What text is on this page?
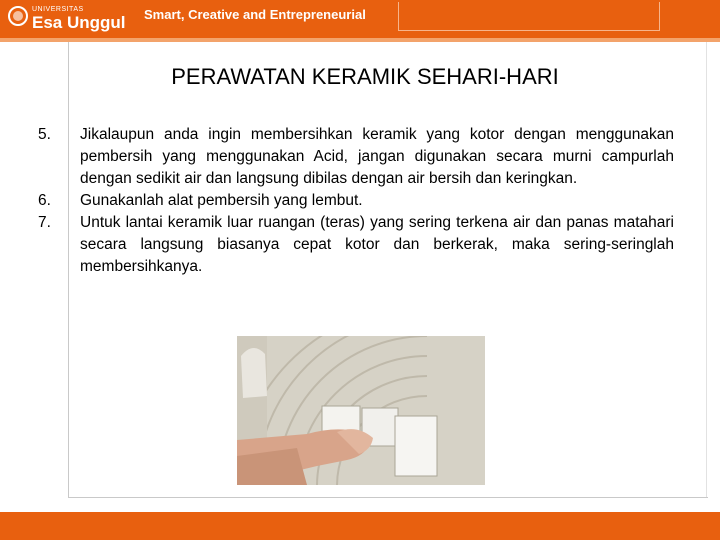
UNIVERSITAS
Esa Unggul Smart, Creative and Entrepreneurial
PERAWATAN KERAMIK SEHARI-HARI
5.	Jikalaupun anda ingin membersihkan keramik yang kotor dengan menggunakan pembersih yang menggunakan Acid, jangan digunakan secara murni campurlah dengan sedikit air dan langsung dibilas dengan air bersih dan keringkan.
6.	Gunakanlah alat pembersih yang lembut.
7.	Untuk lantai keramik luar ruangan (teras) yang sering terkena air dan panas matahari secara langsung biasanya cepat kotor dan berkerak, maka sering-seringlah membersihkanya.
